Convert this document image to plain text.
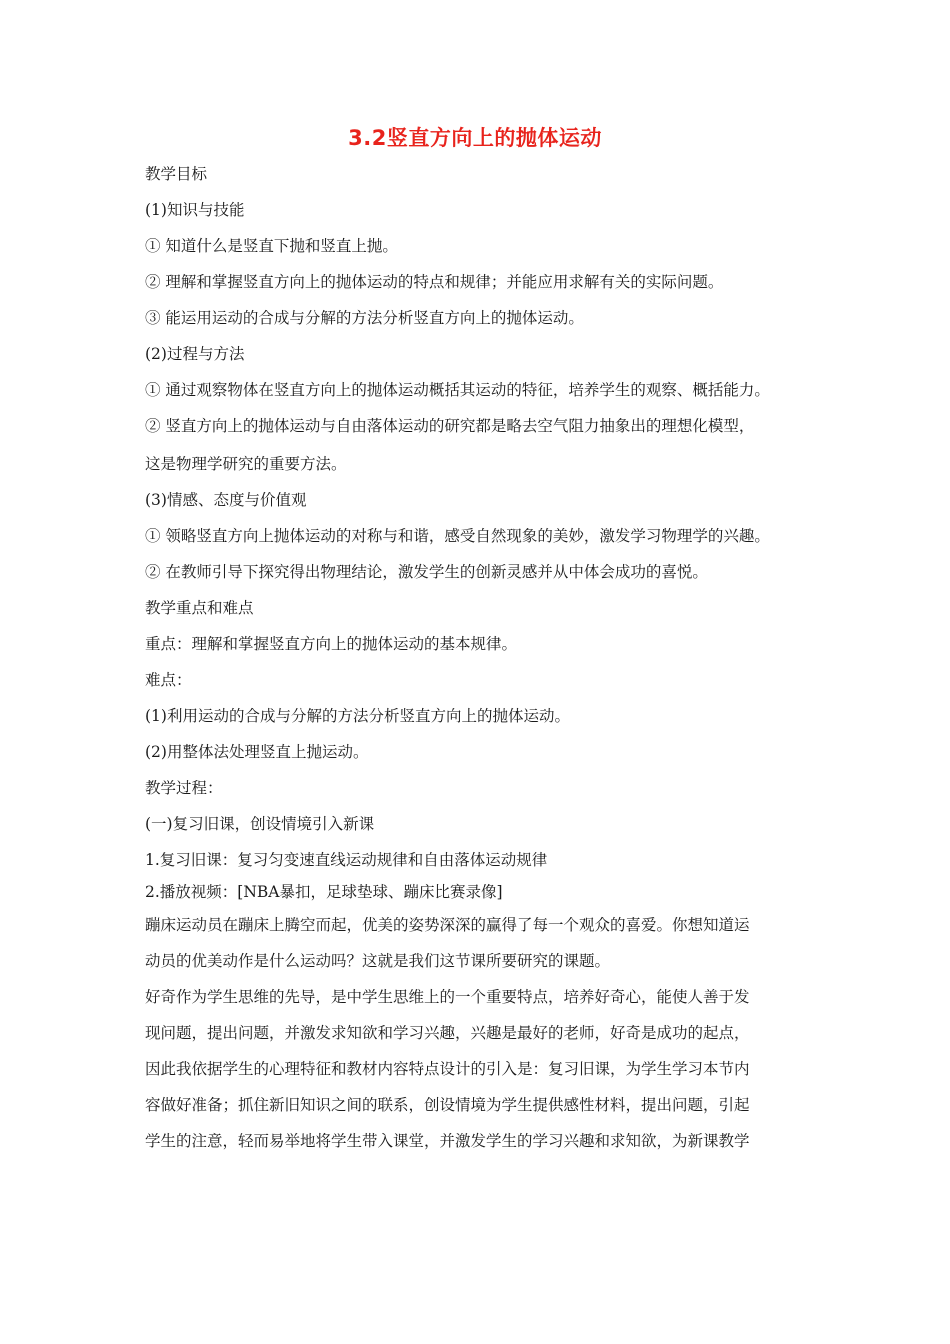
3.2竖直方向上的抛体运动

教学目标

(1)知识与技能

① 知道什么是竖直下抛和竖直上抛。

② 理解和掌握竖直方向上的抛体运动的特点和规律；并能应用求解有关的实际问题。

③ 能运用运动的合成与分解的方法分析竖直方向上的抛体运动。

(2)过程与方法

① 通过观察物体在竖直方向上的抛体运动概括其运动的特征，培养学生的观察、概括能力。

② 竖直方向上的抛体运动与自由落体运动的研究都是略去空气阻力抽象出的理想化模型，

这是物理学研究的重要方法。

(3)情感、态度与价值观

① 领略竖直方向上抛体运动的对称与和谐，感受自然现象的美妙，激发学习物理学的兴趣。

② 在教师引导下探究得出物理结论，激发学生的创新灵感并从中体会成功的喜悦。

教学重点和难点

重点：理解和掌握竖直方向上的抛体运动的基本规律。

难点：

(1)利用运动的合成与分解的方法分析竖直方向上的抛体运动。

(2)用整体法处理竖直上抛运动。

教学过程：

(一)复习旧课，创设情境引入新课

1.复习旧课：复习匀变速直线运动规律和自由落体运动规律

2.播放视频：[NBA暴扣，足球垫球、蹦床比赛录像]

蹦床运动员在蹦床上腾空而起，优美的姿势深深的赢得了每一个观众的喜爱。你想知道运

动员的优美动作是什么运动吗？这就是我们这节课所要研究的课题。

好奇作为学生思维的先导，是中学生思维上的一个重要特点，培养好奇心，能使人善于发

现问题，提出问题，并激发求知欲和学习兴趣，兴趣是最好的老师，好奇是成功的起点，

因此我依据学生的心理特征和教材内容特点设计的引入是：复习旧课，为学生学习本节内

容做好准备；抓住新旧知识之间的联系，创设情境为学生提供感性材料，提出问题，引起

学生的注意，轻而易举地将学生带入课堂，并激发学生的学习兴趣和求知欲，为新课教学
